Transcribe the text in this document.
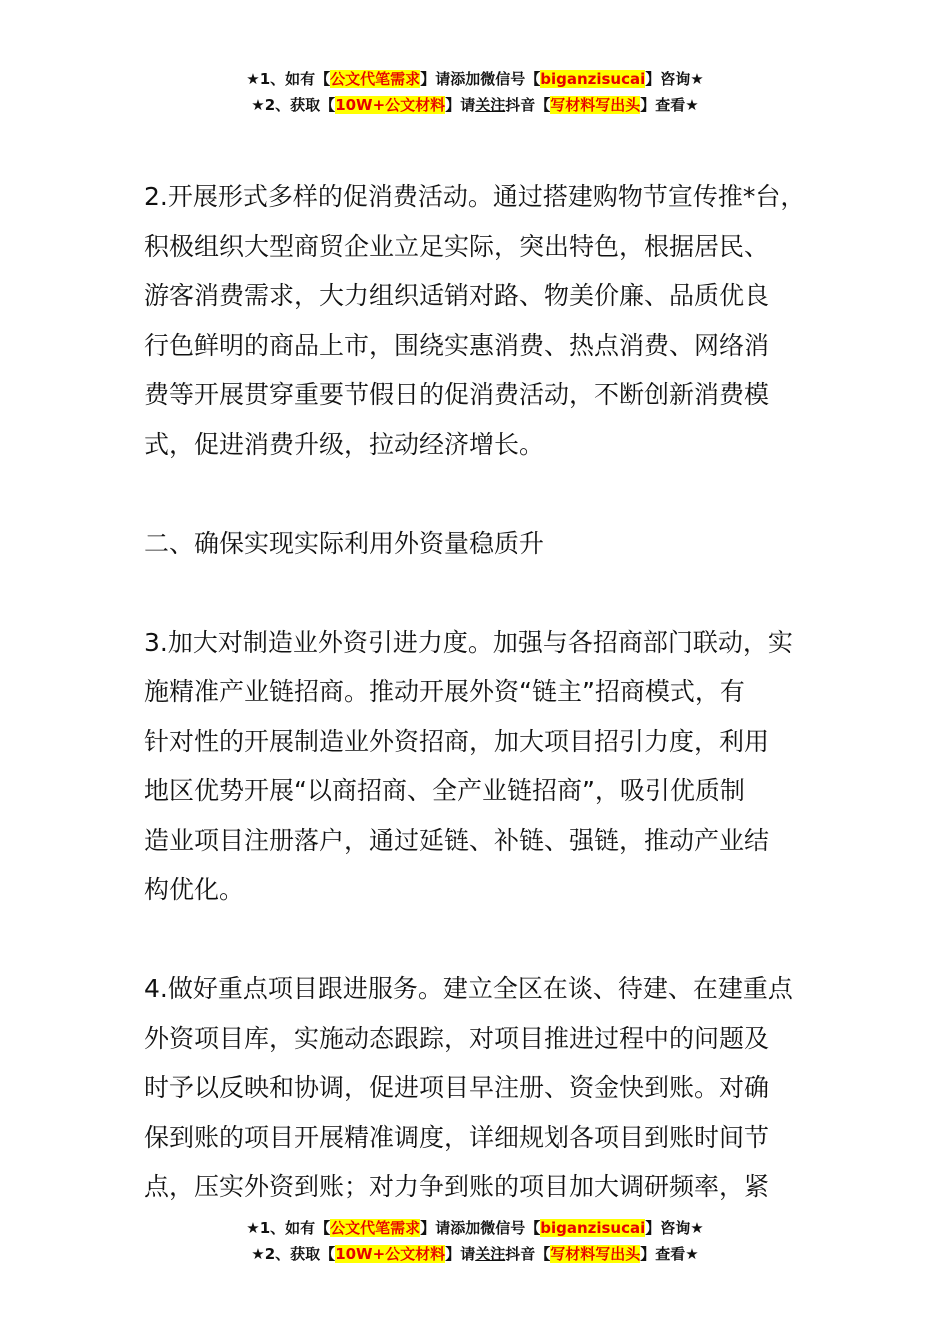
★1、如有【公文代笔需求】请添加微信号【biganzisucai】咨询★
★2、获取【10W+公文材料】请关注抖音【写材料写出头】查看★
2.开展形式多样的促消费活动。通过搭建购物节宣传推*台，
积极组织大型商贸企业立足实际，突出特色，根据居民、
游客消费需求，大力组织适销对路、物美价廉、品质优良
行色鲜明的商品上市，围绕实惠消费、热点消费、网络消
费等开展贯穿重要节假日的促消费活动，不断创新消费模
式，促进消费升级，拉动经济增长。
二、确保实现实际利用外资量稳质升
3.加大对制造业外资引进力度。加强与各招商部门联动，实
施精准产业链招商。推动开展外资“链主”招商模式，有
针对性的开展制造业外资招商，加大项目招引力度，利用
地区优势开展“以商招商、全产业链招商”，吸引优质制
造业项目注册落户，通过延链、补链、强链，推动产业结
构优化。
4.做好重点项目跟进服务。建立全区在谈、待建、在建重点
外资项目库，实施动态跟踪，对项目推进过程中的问题及
时予以反映和协调，促进项目早注册、资金快到账。对确
保到账的项目开展精准调度，详细规划各项目到账时间节
点，压实外资到账；对力争到账的项目加大调研频率，紧
★1、如有【公文代笔需求】请添加微信号【biganzisucai】咨询★
★2、获取【10W+公文材料】请关注抖音【写材料写出头】查看★
